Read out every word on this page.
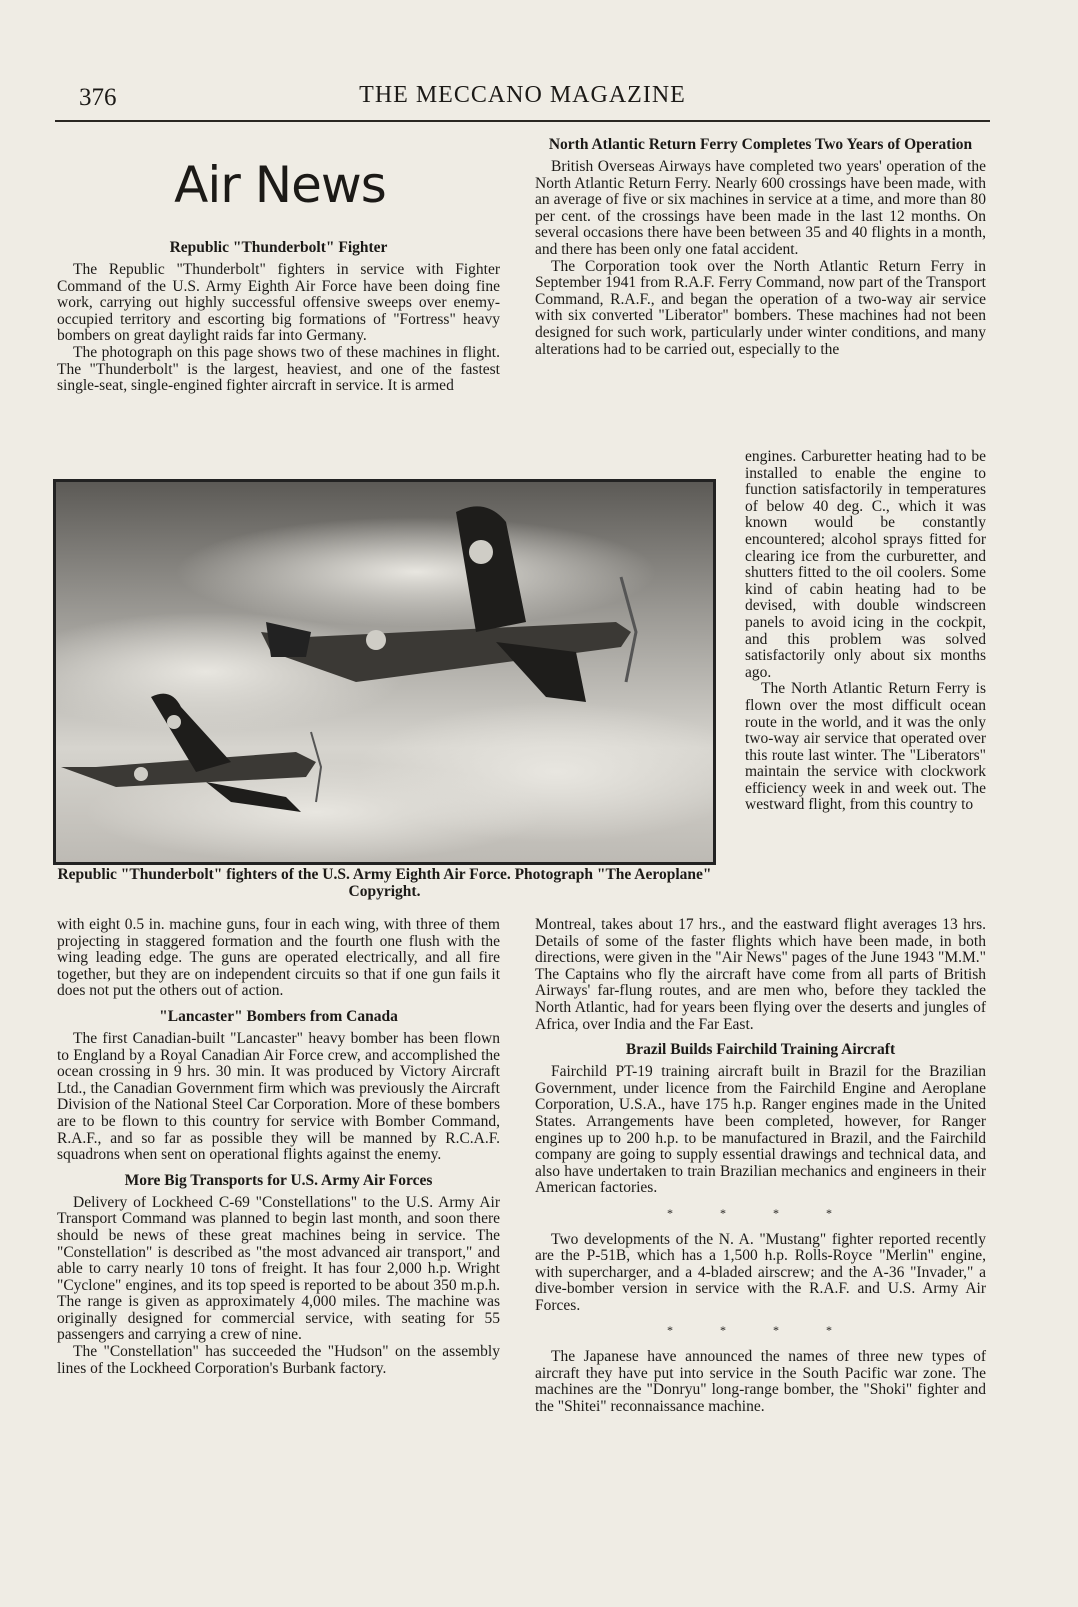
376	THE MECCANO MAGAZINE
Air News
Republic "Thunderbolt" Fighter

The Republic "Thunderbolt" fighters in service with Fighter Command of the U.S. Army Eighth Air Force have been doing fine work, carrying out highly successful offensive sweeps over enemy-occupied territory and escorting big formations of "Fortress" heavy bombers on great daylight raids far into Germany.

The photograph on this page shows two of these machines in flight. The "Thunderbolt" is the largest, heaviest, and one of the fastest single-seat, single-engined fighter aircraft in service. It is armed

North Atlantic Return Ferry Completes Two Years of Operation

British Overseas Airways have completed two years' operation of the North Atlantic Return Ferry. Nearly 600 crossings have been made, with an average of five or six machines in service at a time, and more than 80 per cent. of the crossings have been made in the last 12 months. On several occasions there have been between 35 and 40 flights in a month, and there has been only one fatal accident.

The Corporation took over the North Atlantic Return Ferry in September 1941 from R.A.F. Ferry Command, now part of the Transport Command, R.A.F., and began the operation of a two-way air service with six converted "Liberator" bombers. These machines had not been designed for such work, particularly under winter conditions, and many alterations had to be carried out, especially to the

engines. Carburetter heating had to be installed to enable the engine to function satisfactorily in temperatures of below 40 deg. C., which it was known would be constantly encountered; alcohol sprays fitted for clearing ice from the curburetter, and shutters fitted to the oil coolers. Some kind of cabin heating had to be devised, with double windscreen panels to avoid icing in the cockpit, and this problem was solved satisfactorily only about six months ago.

The North Atlantic Return Ferry is flown over the most difficult ocean route in the world, and it was the only two-way air service that operated over this route last winter. The "Liberators" maintain the service with clockwork efficiency week in and week out. The westward flight, from this country to

Republic "Thunderbolt" fighters of the U.S. Army Eighth Air Force. Photograph "The Aeroplane" Copyright.

with eight 0.5 in. machine guns, four in each wing, with three of them projecting in staggered formation and the fourth one flush with the wing leading edge. The guns are operated electrically, and all fire together, but they are on independent circuits so that if one gun fails it does not put the others out of action.

"Lancaster" Bombers from Canada

The first Canadian-built "Lancaster" heavy bomber has been flown to England by a Royal Canadian Air Force crew, and accomplished the ocean crossing in 9 hrs. 30 min. It was produced by Victory Aircraft Ltd., the Canadian Government firm which was previously the Aircraft Division of the National Steel Car Corporation. More of these bombers are to be flown to this country for service with Bomber Command, R.A.F., and so far as possible they will be manned by R.C.A.F. squadrons when sent on operational flights against the enemy.

More Big Transports for U.S. Army Air Forces

Delivery of Lockheed C-69 "Constellations" to the U.S. Army Air Transport Command was planned to begin last month, and soon there should be news of these great machines being in service. The "Constellation" is described as "the most advanced air transport," and able to carry nearly 10 tons of freight. It has four 2,000 h.p. Wright "Cyclone" engines, and its top speed is reported to be about 350 m.p.h. The range is given as approximately 4,000 miles. The machine was originally designed for commercial service, with seating for 55 passengers and carrying a crew of nine.

The "Constellation" has succeeded the "Hudson" on the assembly lines of the Lockheed Corporation's Burbank factory.

Montreal, takes about 17 hrs., and the eastward flight averages 13 hrs. Details of some of the faster flights which have been made, in both directions, were given in the "Air News" pages of the June 1943 "M.M." The Captains who fly the aircraft have come from all parts of British Airways' far-flung routes, and are men who, before they tackled the North Atlantic, had for years been flying over the deserts and jungles of Africa, over India and the Far East.

Brazil Builds Fairchild Training Aircraft

Fairchild PT-19 training aircraft built in Brazil for the Brazilian Government, under licence from the Fairchild Engine and Aeroplane Corporation, U.S.A., have 175 h.p. Ranger engines made in the United States. Arrangements have been completed, however, for Ranger engines up to 200 h.p. to be manufactured in Brazil, and the Fairchild company are going to supply essential drawings and technical data, and also have undertaken to train Brazilian mechanics and engineers in their American factories.

* * * *

Two developments of the N. A. "Mustang" fighter reported recently are the P-51B, which has a 1,500 h.p. Rolls-Royce "Merlin" engine, with supercharger, and a 4-bladed airscrew; and the A-36 "Invader," a dive-bomber version in service with the R.A.F. and U.S. Army Air Forces.

* * * *

The Japanese have announced the names of three new types of aircraft they have put into service in the South Pacific war zone. The machines are the "Donryu" long-range bomber, the "Shoki" fighter and the "Shitei" reconnaissance machine.
